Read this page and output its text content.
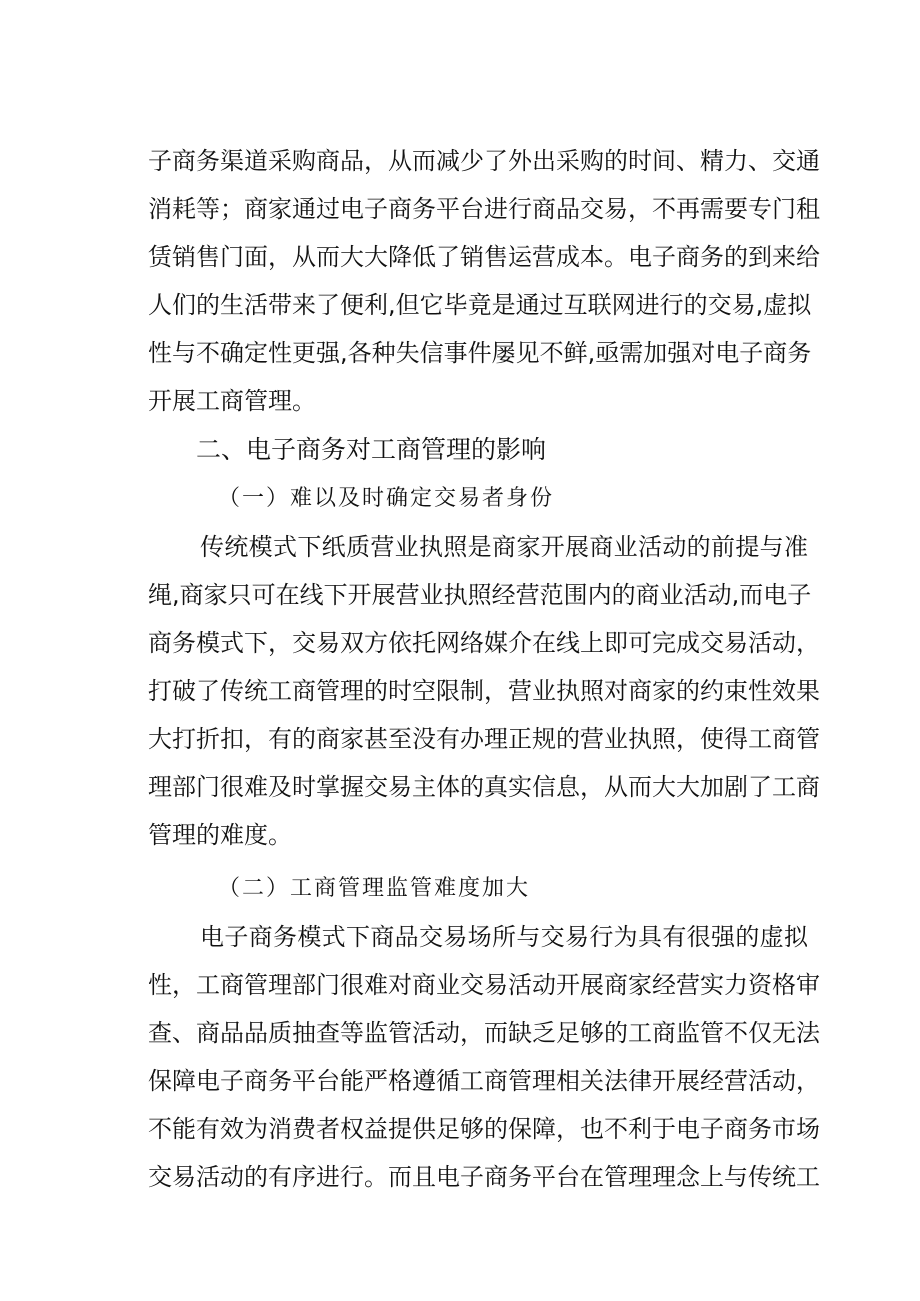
子商务渠道采购商品，从而减少了外出采购的时间、精力、交通
消耗等；商家通过电子商务平台进行商品交易，不再需要专门租
赁销售门面，从而大大降低了销售运营成本。电子商务的到来给
人们的生活带来了便利,但它毕竟是通过互联网进行的交易,虚拟
性与不确定性更强,各种失信事件屡见不鲜,亟需加强对电子商务
开展工商管理。
二、电子商务对工商管理的影响
（一）难以及时确定交易者身份
传统模式下纸质营业执照是商家开展商业活动的前提与准
绳,商家只可在线下开展营业执照经营范围内的商业活动,而电子
商务模式下，交易双方依托网络媒介在线上即可完成交易活动，
打破了传统工商管理的时空限制，营业执照对商家的约束性效果
大打折扣，有的商家甚至没有办理正规的营业执照，使得工商管
理部门很难及时掌握交易主体的真实信息，从而大大加剧了工商
管理的难度。
（二）工商管理监管难度加大
电子商务模式下商品交易场所与交易行为具有很强的虚拟
性，工商管理部门很难对商业交易活动开展商家经营实力资格审
查、商品品质抽查等监管活动，而缺乏足够的工商监管不仅无法
保障电子商务平台能严格遵循工商管理相关法律开展经营活动，
不能有效为消费者权益提供足够的保障，也不利于电子商务市场
交易活动的有序进行。而且电子商务平台在管理理念上与传统工
